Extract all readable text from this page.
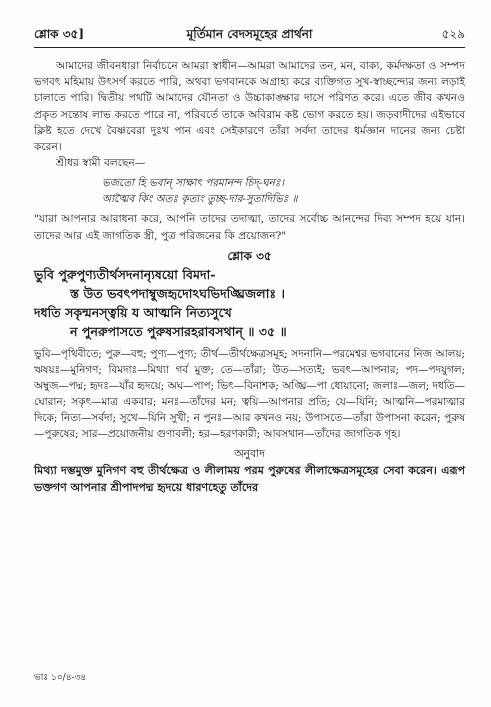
শ্লোক ৩৫]	মূর্তিমান বেদসমূহের প্রার্থনা	৫২৯

আমাদের জীবনধারা নির্বাচনে আমরা স্বাধীন—আমরা আমাদের তন, মন, বাক্য, কর্মদক্ষতা ও সম্পদ ভগবৎ মহিমায় উৎসর্গ করতে পারি, অথবা ভগবানকে অগ্রাহ্য করে ব্যক্তিগত সুখ-স্বাচ্ছন্দ্যের জন্য লড়াই চালাতে পারি। দ্বিতীয় পথটি আমাদের যৌনতা ও উচ্চাকাঙ্ক্ষার দাসে পরিণত করে। এতে জীব কখনও প্রকৃত সন্তোষ লাভ করতে পারে না, পরিবর্তে তাকে অবিরাম কষ্ট ভোগ করতে হয়। জড়বাদীদের এইভাবে ক্লিষ্ট হতে দেখে বৈষ্ণবেরা দুঃখ পান এবং সেইকারণে তাঁরা সর্বদা তাদের ধর্মজ্ঞান দানের জন্য চেষ্টা করেন।

শ্রীধর স্বামী বলছেন—

ভজতো হি ভবান্ সাক্ষাৎ পরমানন্দ চিদ্-ঘনঃ।

আত্মৈব কিং অতঃ কৃত্যং তুচ্ছ-দার-সুতাদিভিঃ ॥

"যারা আপনার আরাধনা করে, আপনি তাদের তদাত্মা, তাদের সর্বোচ্চ আনন্দের দিব্য সম্পদ হয়ে যান। তাদের আর এই জাগতিক স্ত্রী, পুত্র পরিজনের কি প্রয়োজন?"

শ্লোক ৩৫

ভুবি পুরুপুণ্যতীর্থসদনান্যৃষয়ো বিমদা-

স্ত উত ভবৎপদাম্বুজহৃদোঽঘভিদঙ্ঘ্রিজলাঃ ।

দধতি সকৃন্মনস্ত্বয়ি য আত্মনি নিত্যসুখে

ন পুনরুপাসতে পুরুষসারহরাবসথান্ ॥ ৩৫ ॥

ভুবি—পৃথিবীতে; পুরু—বহু; পুণ্য—পুণ্য; তীর্থ—তীর্থক্ষেত্রসমূহ; সদনানি—পরমেশ্বর ভগবানের নিজ আলয়; ঋষয়ঃ—মুনিগণ; বিমদাঃ—মিথ্যা গর্ব মুক্ত; তে—তাঁরা; উত—সত্যই; ভবৎ—আপনার; পদ—পদযুগল; অম্বুজ—পদ্ম; হৃদঃ—যাঁর হৃদয়ে; অঘ—পাপ; ভিৎ—বিনাশক; অঙ্ঘ্রি—পা ধোয়ানো; জলাঃ—জল; দধতি—ঘোরান; সকৃৎ—মাত্র একবার; মনঃ—তাঁদের মন; ত্বয়ি—আপনার প্রতি; যে—যিনি; আত্মনি—পরমাত্মার দিকে; নিত্য—সর্বদা; সুখে—যিনি সুখী; ন পুনঃ—আর কখনও নয়; উপাসতে—তাঁরা উপাসনা করেন; পুরুষ—পুরুষের; সার—প্রয়োজনীয় গুণাবলী; হর—হরণকারী; আবসথান—তাঁদের জাগতিক গৃহ।

অনুবাদ

মিথ্যা দম্ভমুক্ত মুনিগণ বহু তীর্থক্ষেত্র ও লীলাময় পরম পুরুষের লীলাক্ষেত্রসমূহের সেবা করেন। এরূপ ভক্তগণ আপনার শ্রীপাদপদ্ম হৃদয়ে ধারণহেতু তাঁদের

ভাঃ ১০/৪-৩৪
